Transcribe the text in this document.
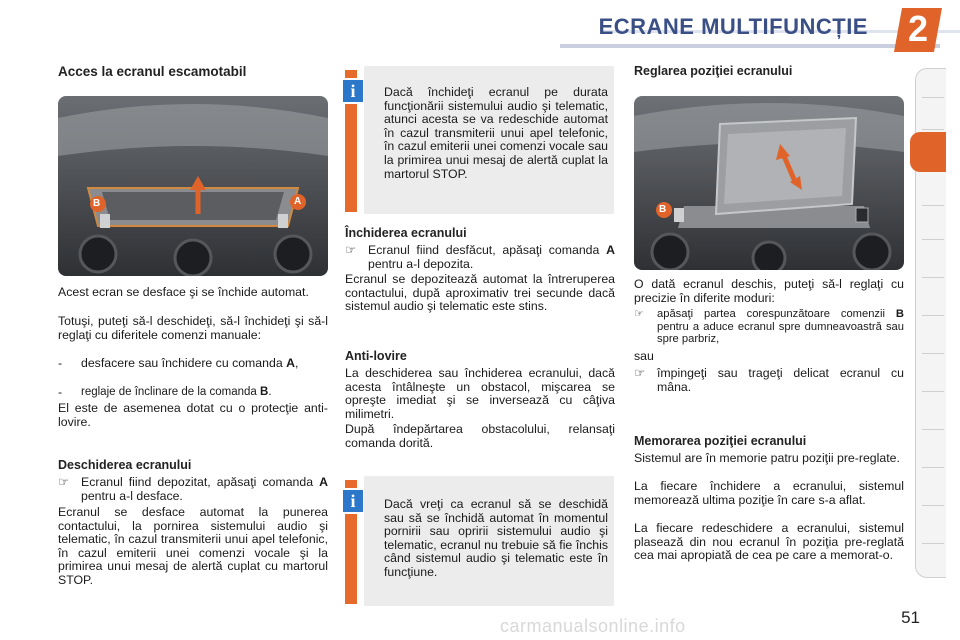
ECRANE MULTIFUNCȚIE	2
Acces la ecranul escamotabil
B	A

Acest ecran se desface şi se închide automat.

Totuşi, puteţi să-l deschideţi, să-l închideţi şi să-l reglaţi cu diferitele comenzi manuale:

-	desfacere sau închidere cu comanda A,
-	reglaje de înclinare de la comanda B.

El este de asemenea dotat cu o protecţie anti-lovire.

Deschiderea ecranului
☞ Ecranul fiind depozitat, apăsaţi comanda A pentru a-l desface.

Ecranul se desface automat la punerea contactului, la pornirea sistemului audio şi telematic, în cazul transmiterii unui apel telefonic, în cazul emiterii unei comenzi vocale şi la primirea unui mesaj de alertă cuplat cu martorul STOP.

i	Dacă închideţi ecranul pe durata funcţionării sistemului audio şi telematic, atunci acesta se va redeschide automat în cazul transmiterii unui apel telefonic, în cazul emiterii unei comenzi vocale sau la primirea unui mesaj de alertă cuplat la martorul STOP.

Închiderea ecranului
☞ Ecranul fiind desfăcut, apăsaţi comanda A pentru a-l depozita.

Ecranul se depozitează automat la întreruperea contactului, după aproximativ trei secunde dacă sistemul audio şi telematic este stins.

Anti-lovire

La deschiderea sau închiderea ecranului, dacă acesta întâlneşte un obstacol, mişcarea se opreşte imediat şi se inversează cu câţiva milimetri.

După îndepărtarea obstacolului, relansaţi comanda dorită.

i	Dacă vreţi ca ecranul să se deschidă sau să se închidă automat în momentul pornirii sau opririi sistemului audio şi telematic, ecranul nu trebuie să fie închis când sistemul audio şi telematic este în funcţiune.

Reglarea poziţiei ecranului
B

O dată ecranul deschis, puteţi să-l reglaţi cu precizie în diferite moduri:

☞	apăsaţi partea corespunzătoare comenzii B pentru a aduce ecranul spre dumneavoastră sau spre parbriz,
sau
☞ împingeţi sau trageţi delicat ecranul cu mâna.
Memorarea poziţiei ecranului

Sistemul are în memorie patru poziţii pre-reglate.

La fiecare închidere a ecranului, sistemul memorează ultima poziţie în care s-a aflat.

La fiecare redeschidere a ecranului, sistemul plasează din nou ecranul în poziţia pre-reglată cea mai apropiată de cea pe care a memorat-o.

carmanualsonline.info	51
